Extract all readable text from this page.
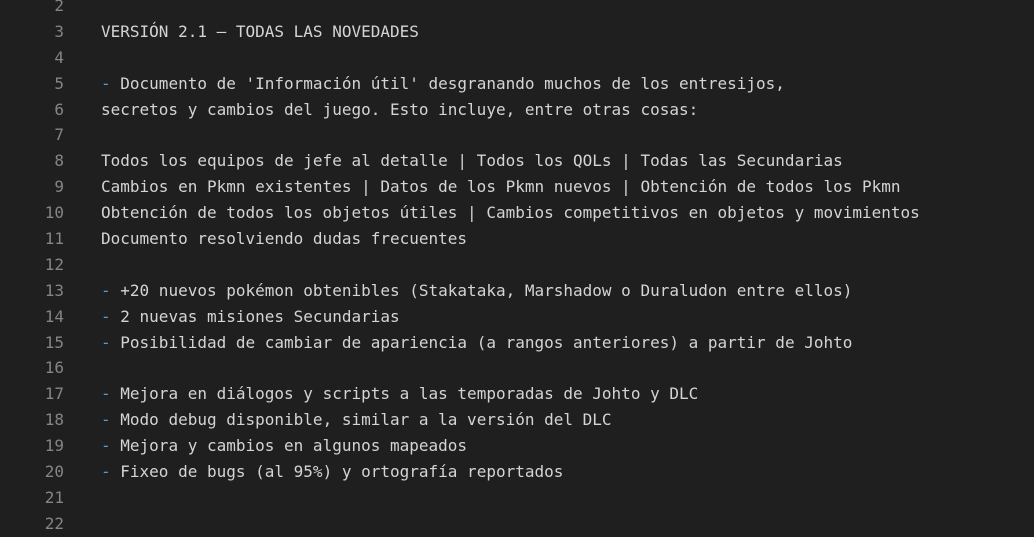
2
3	VERSIÓN 2.1 – TODAS LAS NOVEDADES
4
5	- Documento de 'Información útil' desgranando muchos de los entresijos,
6	secretos y cambios del juego. Esto incluye, entre otras cosas:
7
8	Todos los equipos de jefe al detalle | Todos los QOLs | Todas las Secundarias
9	Cambios en Pkmn existentes | Datos de los Pkmn nuevos | Obtención de todos los Pkmn
10	Obtención de todos los objetos útiles | Cambios competitivos en objetos y movimientos
11	Documento resolviendo dudas frecuentes
12
13	- +20 nuevos pokémon obtenibles (Stakataka, Marshadow o Duraludon entre ellos)
14	- 2 nuevas misiones Secundarias
15	- Posibilidad de cambiar de apariencia (a rangos anteriores) a partir de Johto
16
17	- Mejora en diálogos y scripts a las temporadas de Johto y DLC
18	- Modo debug disponible, similar a la versión del DLC
19	- Mejora y cambios en algunos mapeados
20	- Fixeo de bugs (al 95%) y ortografía reportados
21
22
